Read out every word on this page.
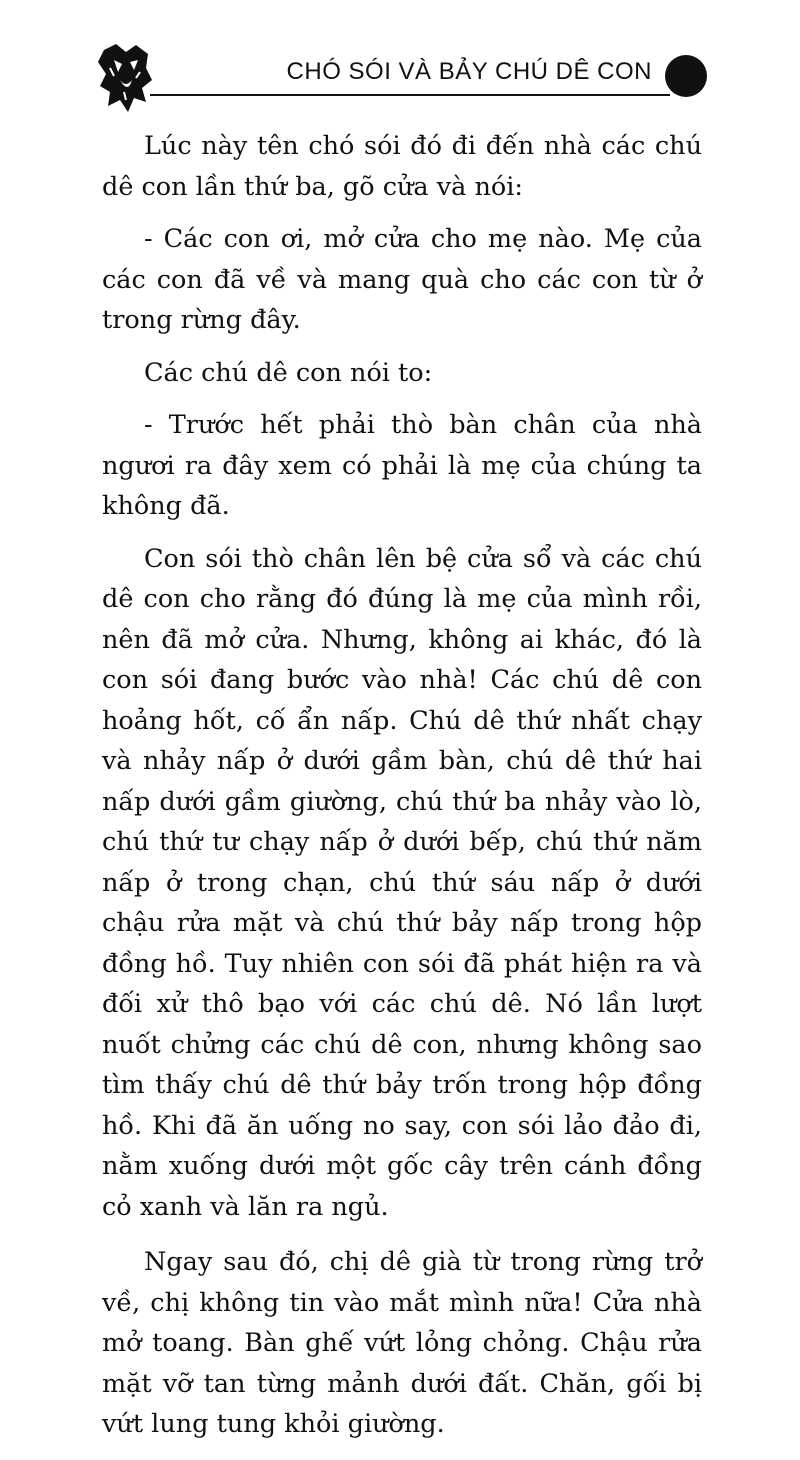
CHÓ SÓI VÀ BẢY CHÚ DÊ CON

Lúc này tên chó sói đó đi đến nhà các chú dê con lần thứ ba, gõ cửa và nói:

- Các con ơi, mở cửa cho mẹ nào. Mẹ của các con đã về và mang quà cho các con từ ở trong rừng đây.

Các chú dê con nói to:

- Trước hết phải thò bàn chân của nhà ngươi ra đây xem có phải là mẹ của chúng ta không đã.

Con sói thò chân lên bệ cửa sổ và các chú dê con cho rằng đó đúng là mẹ của mình rồi, nên đã mở cửa. Nhưng, không ai khác, đó là con sói đang bước vào nhà! Các chú dê con hoảng hốt, cố ẩn nấp. Chú dê thứ nhất chạy và nhảy nấp ở dưới gầm bàn, chú dê thứ hai nấp dưới gầm giường, chú thứ ba nhảy vào lò, chú thứ tư chạy nấp ở dưới bếp, chú thứ năm nấp ở trong chạn, chú thứ sáu nấp ở dưới chậu rửa mặt và chú thứ bảy nấp trong hộp đồng hồ. Tuy nhiên con sói đã phát hiện ra và đối xử thô bạo với các chú dê. Nó lần lượt nuốt chửng các chú dê con, nhưng không sao tìm thấy chú dê thứ bảy trốn trong hộp đồng hồ. Khi đã ăn uống no say, con sói lảo đảo đi, nằm xuống dưới một gốc cây trên cánh đồng cỏ xanh và lăn ra ngủ.

Ngay sau đó, chị dê già từ trong rừng trở về, chị không tin vào mắt mình nữa! Cửa nhà mở toang. Bàn ghế vứt lỏng chỏng. Chậu rửa mặt vỡ tan từng mảnh dưới đất. Chăn, gối bị vứt lung tung khỏi giường.
